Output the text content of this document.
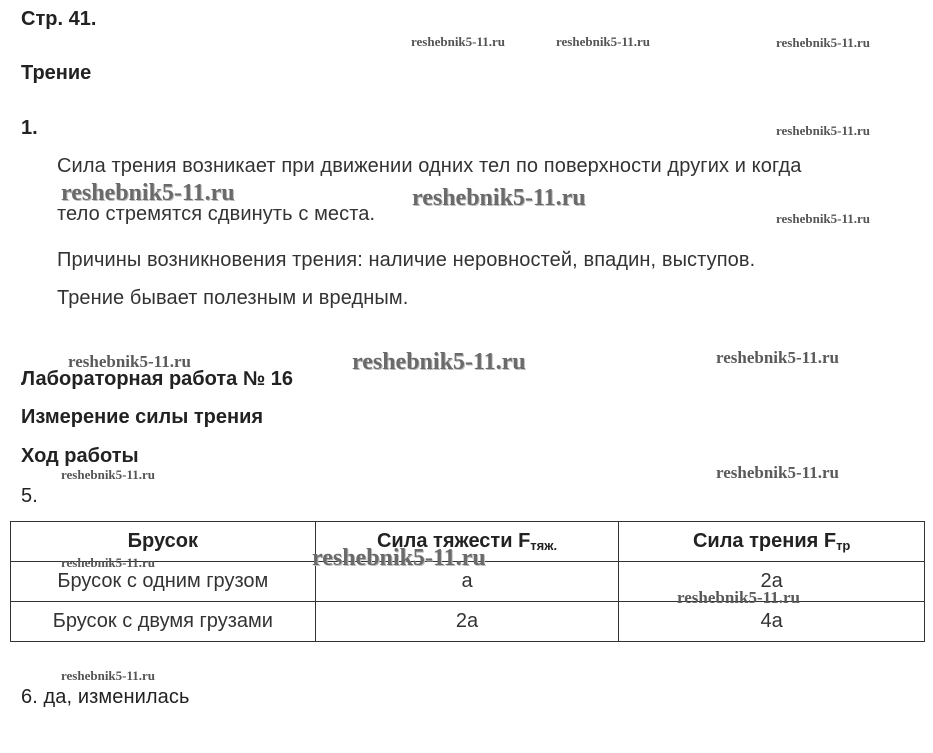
Стр. 41.
Трение
1.
Сила трения возникает при движении одних тел по поверхности других и когда
тело стремятся сдвинуть с места.
Причины возникновения трения: наличие неровностей, впадин, выступов.
Трение бывает полезным и вредным.
Лабораторная работа № 16
Измерение силы трения
Ход работы
5.
Брусок	Сила тяжести $F_{тяж.}$	Сила трения $F_{тр}$
Брусок с одним грузом	a	2a
Брусок с двумя грузами	2a	4a
6. да, изменилась
reshebnik5-11.ru	reshebnik5-11.ru	reshebnik5-11.ru
reshebnik5-11.ru
reshebnik5-11.ru	reshebnik5-11.ru
reshebnik5-11.ru
reshebnik5-11.ru	reshebnik5-11.ru	reshebnik5-11.ru
reshebnik5-11.ru
reshebnik5-11.ru
reshebnik5-11.ru	reshebnik5-11.ru
reshebnik5-11.ru
reshebnik5-11.ru
